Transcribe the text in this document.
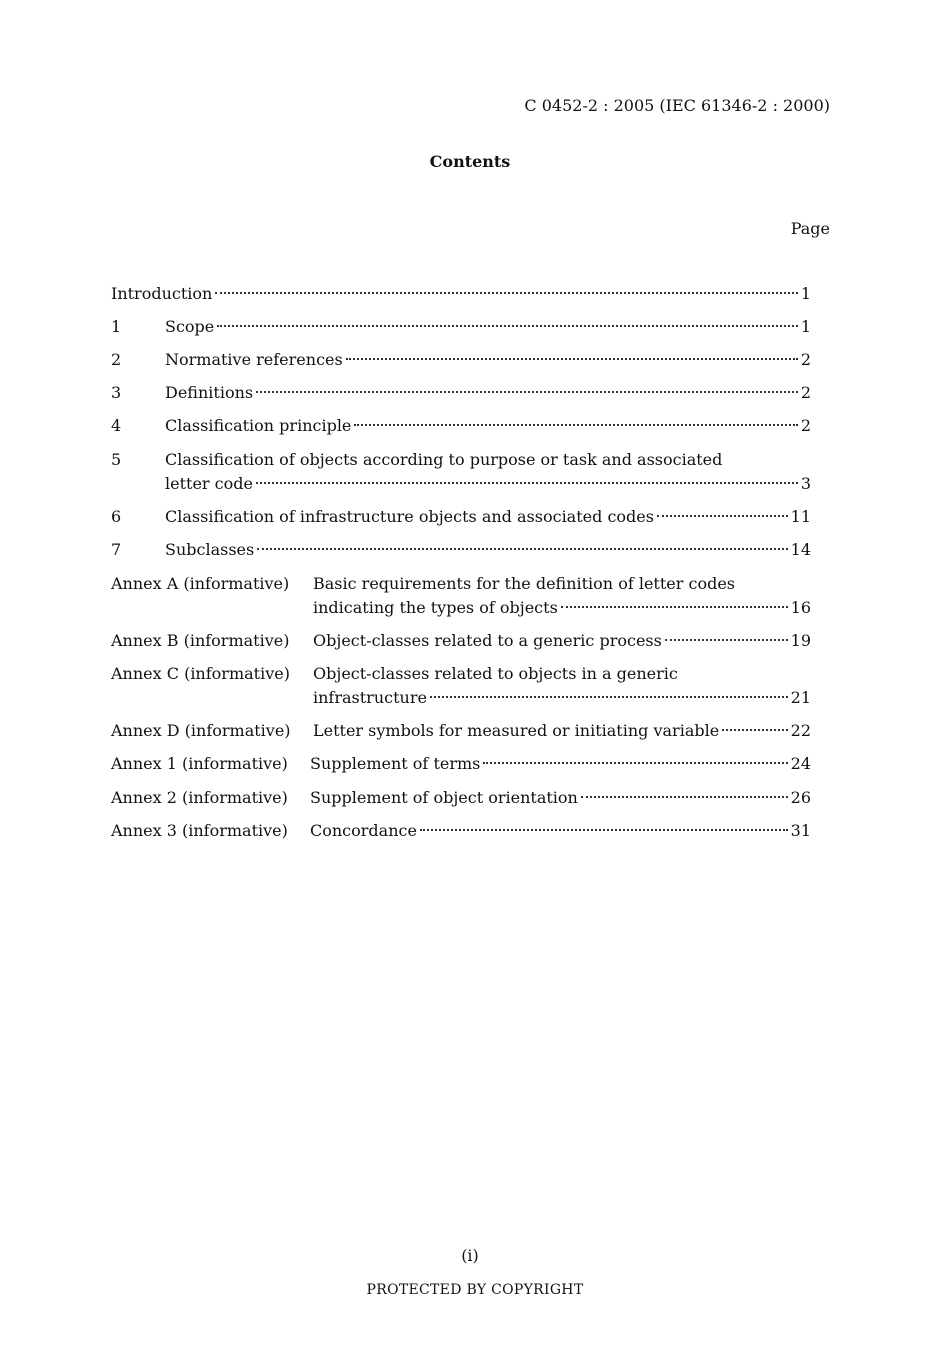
C 0452-2 : 2005 (IEC 61346-2 : 2000)
Contents
Page
Introduction	1
1	Scope	1
2	Normative references	2
3	Definitions	2
4	Classification principle	2
5	Classification of objects according to purpose or task and associated
letter code	3
6	Classification of infrastructure objects and associated codes	11
7	Subclasses	14
Annex A (informative) Basic requirements for the definition of letter codes
indicating the types of objects	16
Annex B (informative) Object-classes related to a generic process	19
Annex C (informative) Object-classes related to objects in a generic
infrastructure	21
Annex D (informative) Letter symbols for measured or initiating variable	22
Annex 1 (informative) Supplement of terms	24
Annex 2 (informative) Supplement of object orientation	26
Annex 3 (informative) Concordance	31
(i)
PROTECTED BY COPYRIGHT
